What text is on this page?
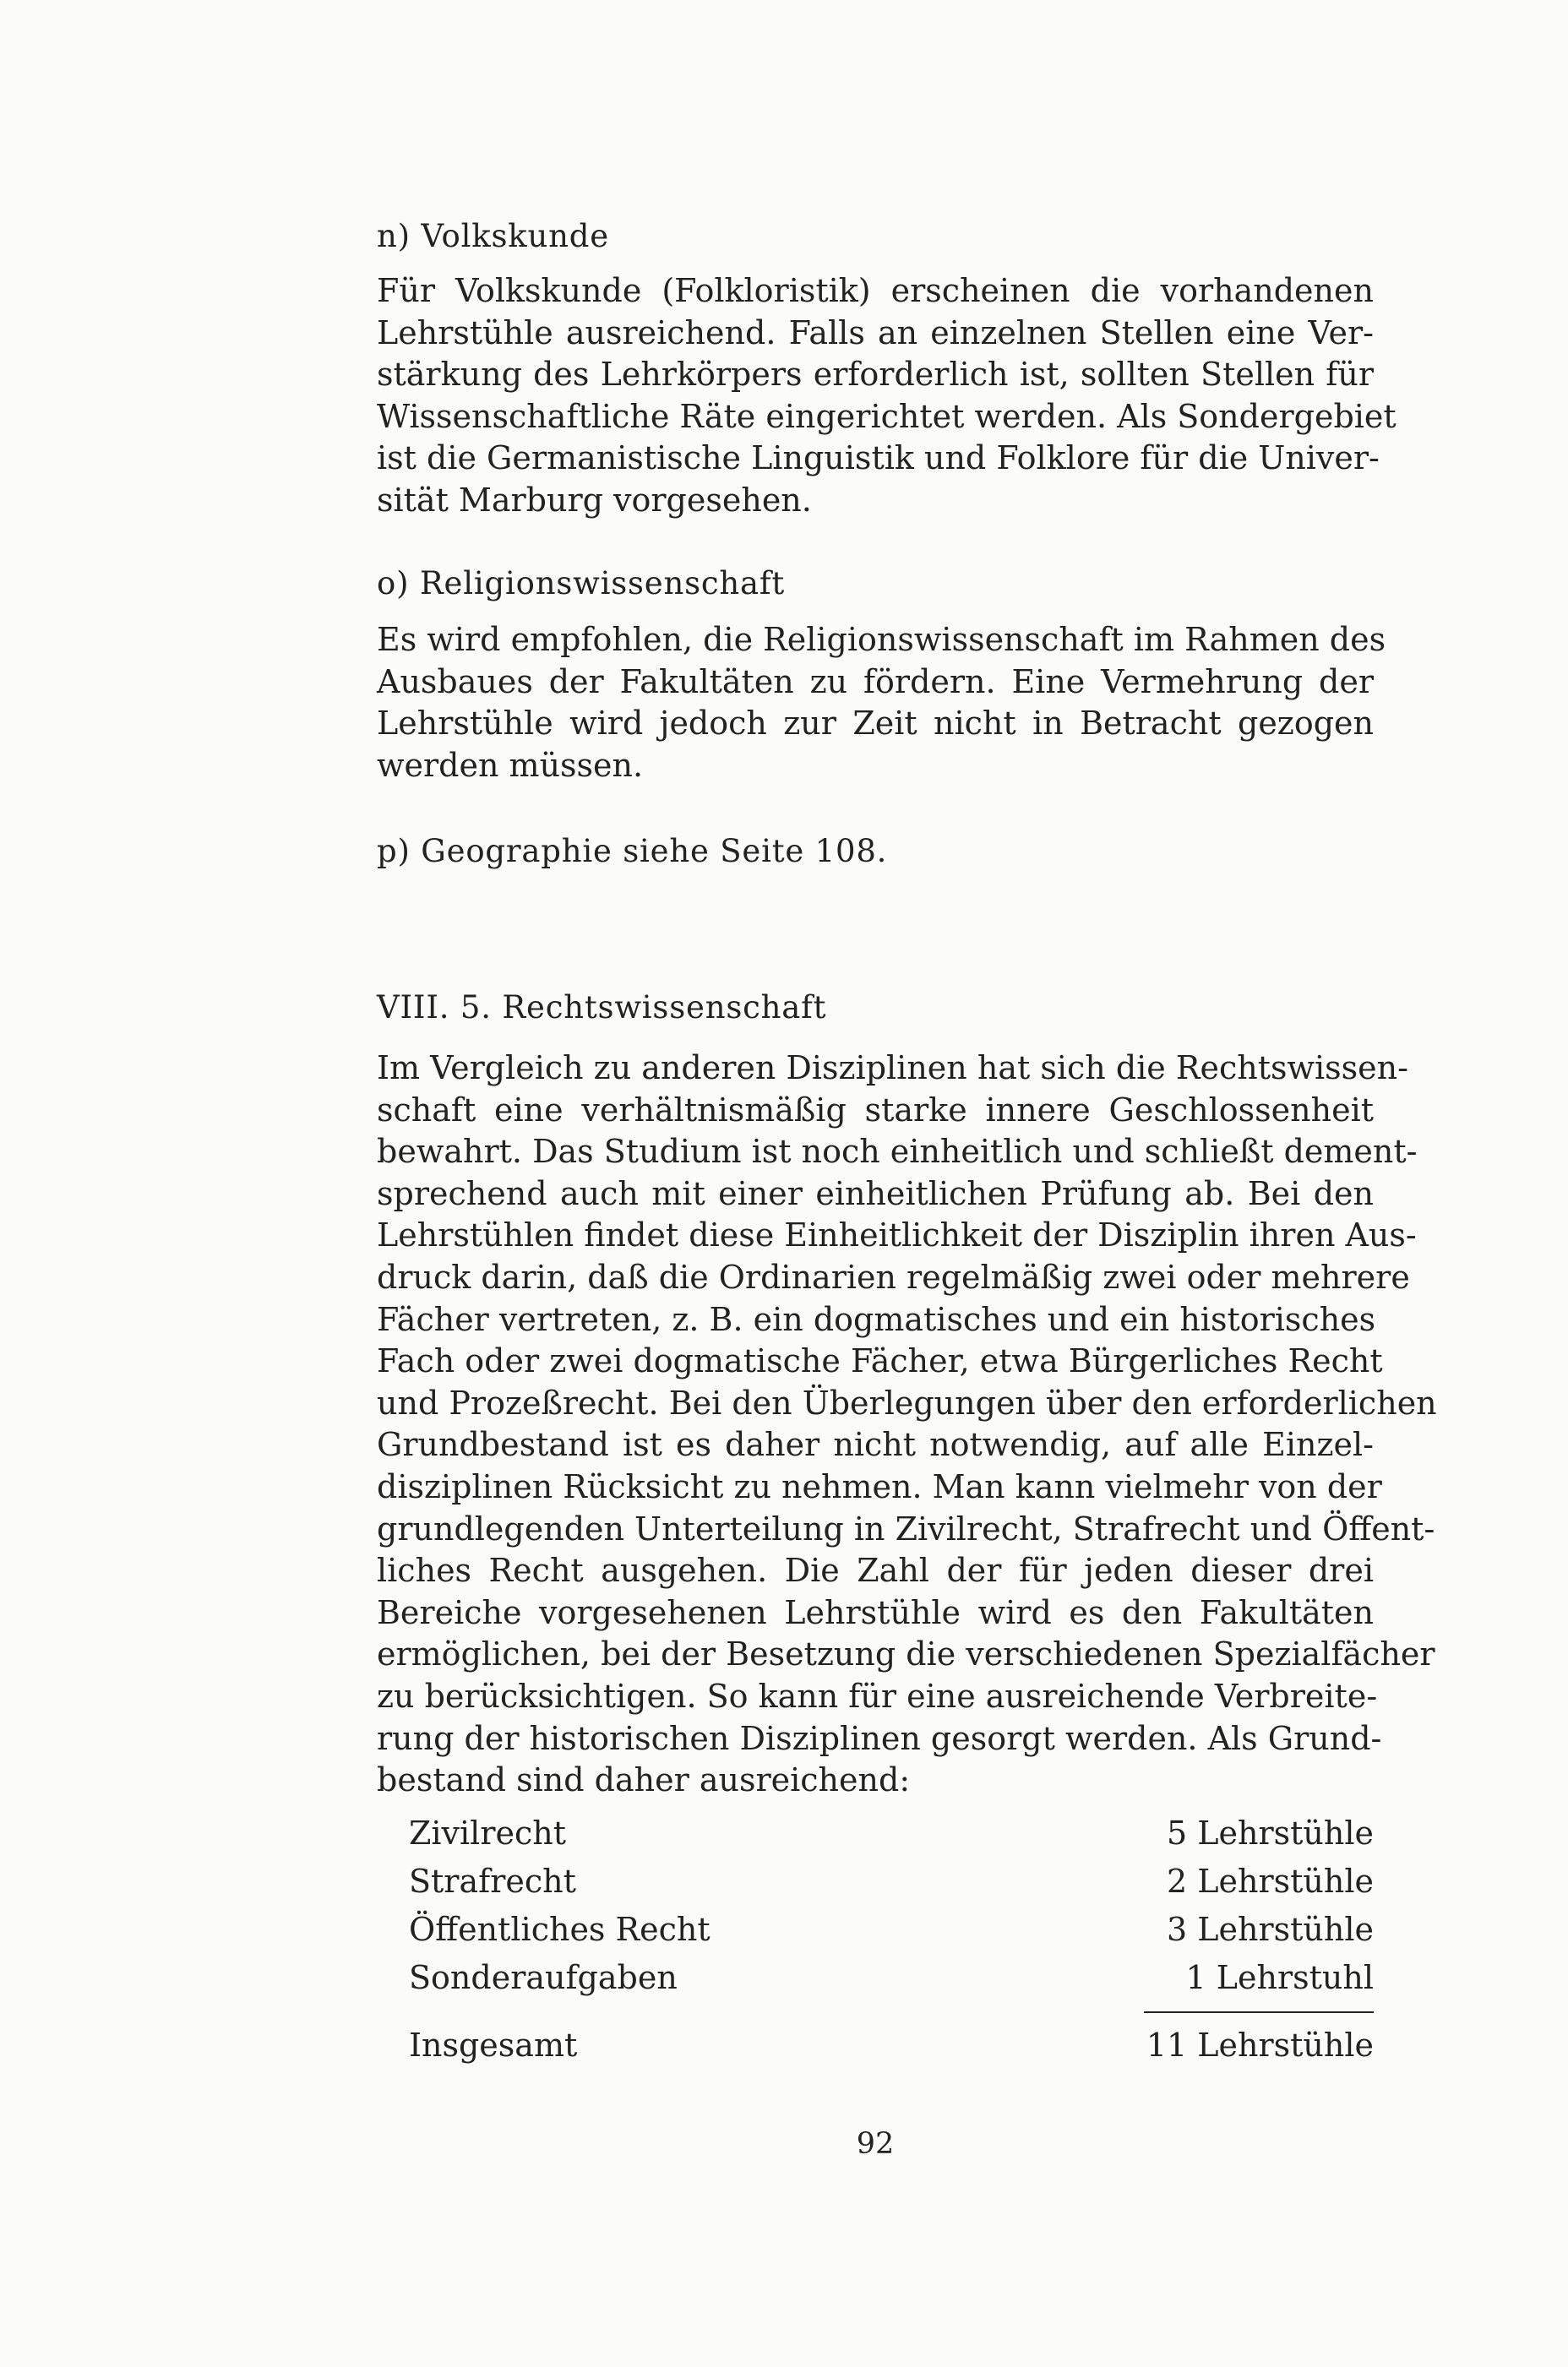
n) Volkskunde
Für Volkskunde (Folkloristik) erscheinen die vorhandenen
Lehrstühle ausreichend. Falls an einzelnen Stellen eine Ver-
stärkung des Lehrkörpers erforderlich ist, sollten Stellen für
Wissenschaftliche Räte eingerichtet werden. Als Sondergebiet
ist die Germanistische Linguistik und Folklore für die Univer-
sität Marburg vorgesehen.
o) Religionswissenschaft
Es wird empfohlen, die Religionswissenschaft im Rahmen des
Ausbaues der Fakultäten zu fördern. Eine Vermehrung der
Lehrstühle wird jedoch zur Zeit nicht in Betracht gezogen
werden müssen.
p) Geographie siehe Seite 108.
VIII. 5. Rechtswissenschaft
Im Vergleich zu anderen Disziplinen hat sich die Rechtswissen-
schaft eine verhältnismäßig starke innere Geschlossenheit
bewahrt. Das Studium ist noch einheitlich und schließt dement-
sprechend auch mit einer einheitlichen Prüfung ab. Bei den
Lehrstühlen findet diese Einheitlichkeit der Disziplin ihren Aus-
druck darin, daß die Ordinarien regelmäßig zwei oder mehrere
Fächer vertreten, z. B. ein dogmatisches und ein historisches
Fach oder zwei dogmatische Fächer, etwa Bürgerliches Recht
und Prozeßrecht. Bei den Überlegungen über den erforderlichen
Grundbestand ist es daher nicht notwendig, auf alle Einzel-
disziplinen Rücksicht zu nehmen. Man kann vielmehr von der
grundlegenden Unterteilung in Zivilrecht, Strafrecht und Öffent-
liches Recht ausgehen. Die Zahl der für jeden dieser drei
Bereiche vorgesehenen Lehrstühle wird es den Fakultäten
ermöglichen, bei der Besetzung die verschiedenen Spezialfächer
zu berücksichtigen. So kann für eine ausreichende Verbreite-
rung der historischen Disziplinen gesorgt werden. Als Grund-
bestand sind daher ausreichend:
Zivilrecht	5 Lehrstühle
Strafrecht	2 Lehrstühle
Öffentliches Recht	3 Lehrstühle
Sonderaufgaben	1 Lehrstuhl
Insgesamt	11 Lehrstühle

92
